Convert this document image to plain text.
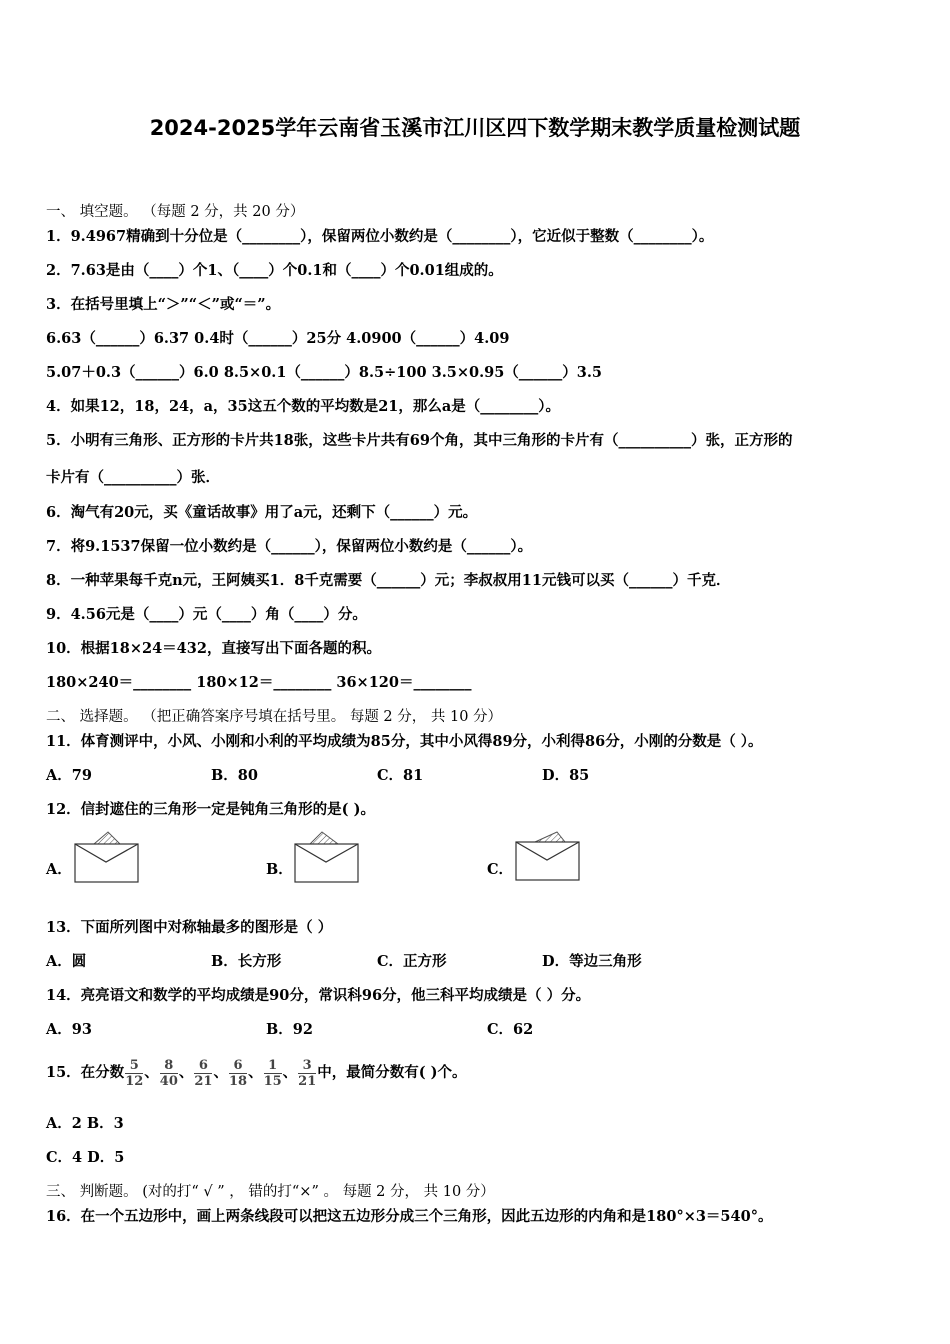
2024-2025学年云南省玉溪市江川区四下数学期末教学质量检测试题
一、 填空题。 （每题 2 分，共 20 分）
1．9.4967精确到十分位是（________），保留两位小数约是（________），它近似于整数（________）。
2．7.63是由（____）个1、（____）个0.1和（____）个0.01组成的。
3．在括号里填上“＞”“＜”或“＝”。
6.63（______）6.37 0.4时（______）25分 4.0900（______）4.09
5.07＋0.3（______）6.0 8.5×0.1（______）8.5÷100 3.5×0.95（______）3.5
4．如果12，18，24，a，35这五个数的平均数是21，那么a是（________）。
5．小明有三角形、正方形的卡片共18张，这些卡片共有69个角，其中三角形的卡片有（__________）张，正方形的
卡片有（__________）张．
6．淘气有20元，买《童话故事》用了a元，还剩下（______）元。
7．将9.1537保留一位小数约是（______），保留两位小数约是（______）。
8．一种苹果每千克n元，王阿姨买1．8千克需要（______）元；李叔叔用11元钱可以买（______）千克．
9．4.56元是（____）元（____）角（____）分。
10．根据18×24＝432，直接写出下面各题的积。
180×240＝________ 180×12＝________ 36×120＝________
二、 选择题。 （把正确答案序号填在括号里。 每题 2 分， 共 10 分）
11．体育测评中，小风、小刚和小利的平均成绩为85分，其中小风得89分，小利得86分，小刚的分数是（ ）。
A．79	B．80	C．81	D．85
12．信封遮住的三角形一定是钝角三角形的是( )。
A．	B．	C．
13．下面所列图中对称轴最多的图形是（ ）
A．圆	B．长方形	C．正方形	D．等边三角形
14．亮亮语文和数学的平均成绩是90分，常识科96分，他三科平均成绩是（ ）分。
A．93	B．92	C．62
15．在分数 $\frac{5}{12}$ 、 $\frac{8}{40}$ 、 $\frac{6}{21}$ 、 $\frac{6}{18}$ 、 $\frac{1}{15}$ 、 $\frac{3}{21}$ 中，最简分数有( )个。
A．2 B．3
C．4 D．5
三、 判断题。 (对的打“ √ ” ， 错的打“×” 。 每题 2 分， 共 10 分）
16．在一个五边形中，画上两条线段可以把这五边形分成三个三角形，因此五边形的内角和是180°×3＝540°。
